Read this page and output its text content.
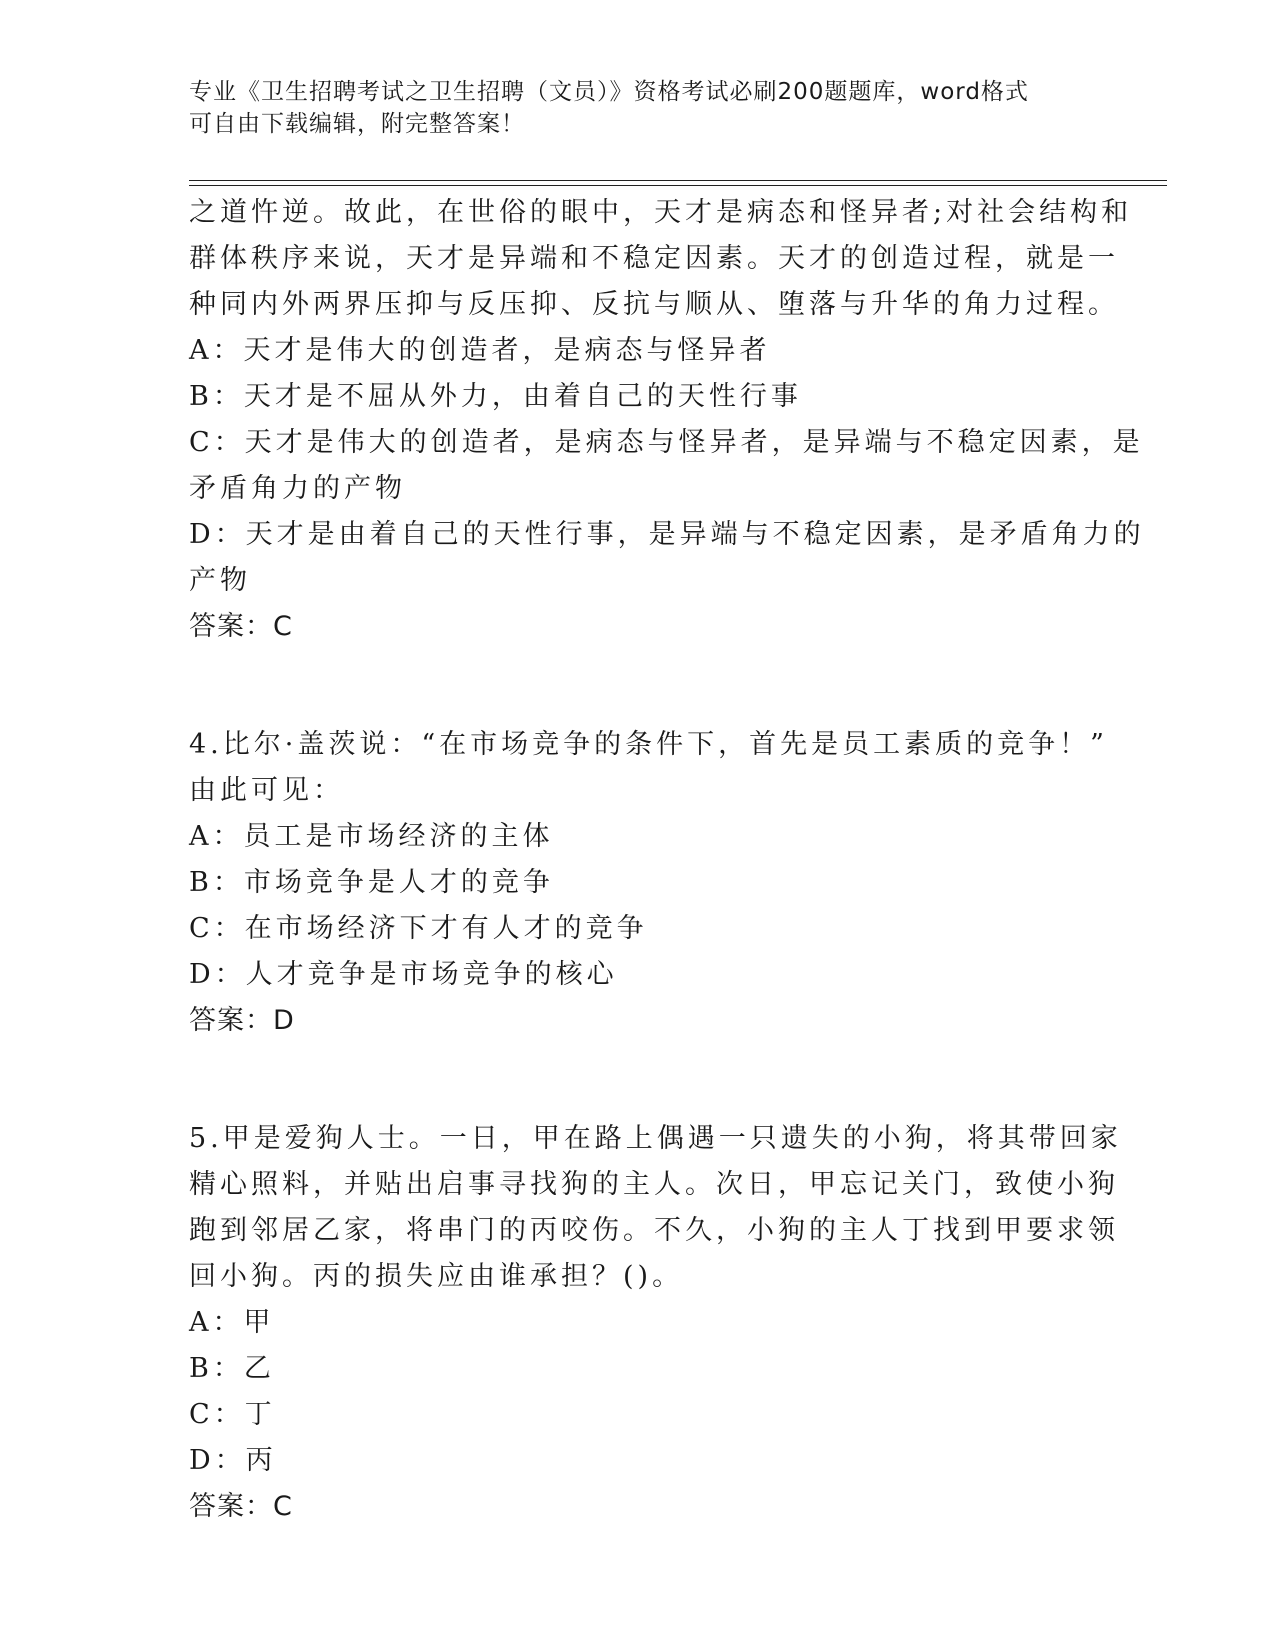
专业《卫生招聘考试之卫生招聘（文员）》资格考试必刷200题题库，word格式
可自由下载编辑，附完整答案！
之道忤逆。故此，在世俗的眼中，天才是病态和怪异者;对社会结构和
群体秩序来说，天才是异端和不稳定因素。天才的创造过程，就是一
种同内外两界压抑与反压抑、反抗与顺从、堕落与升华的角力过程。
A：天才是伟大的创造者，是病态与怪异者
B：天才是不屈从外力，由着自己的天性行事
C：天才是伟大的创造者，是病态与怪异者，是异端与不稳定因素，是
矛盾角力的产物
D：天才是由着自己的天性行事，是异端与不稳定因素，是矛盾角力的
产物
答案：C
4.比尔·盖茨说：“在市场竞争的条件下，首先是员工素质的竞争！”
由此可见：
A：员工是市场经济的主体
B：市场竞争是人才的竞争
C：在市场经济下才有人才的竞争
D：人才竞争是市场竞争的核心
答案：D
5.甲是爱狗人士。一日，甲在路上偶遇一只遗失的小狗，将其带回家
精心照料，并贴出启事寻找狗的主人。次日，甲忘记关门，致使小狗
跑到邻居乙家，将串门的丙咬伤。不久，小狗的主人丁找到甲要求领
回小狗。丙的损失应由谁承担？()。
A：甲
B：乙
C：丁
D：丙
答案：C
